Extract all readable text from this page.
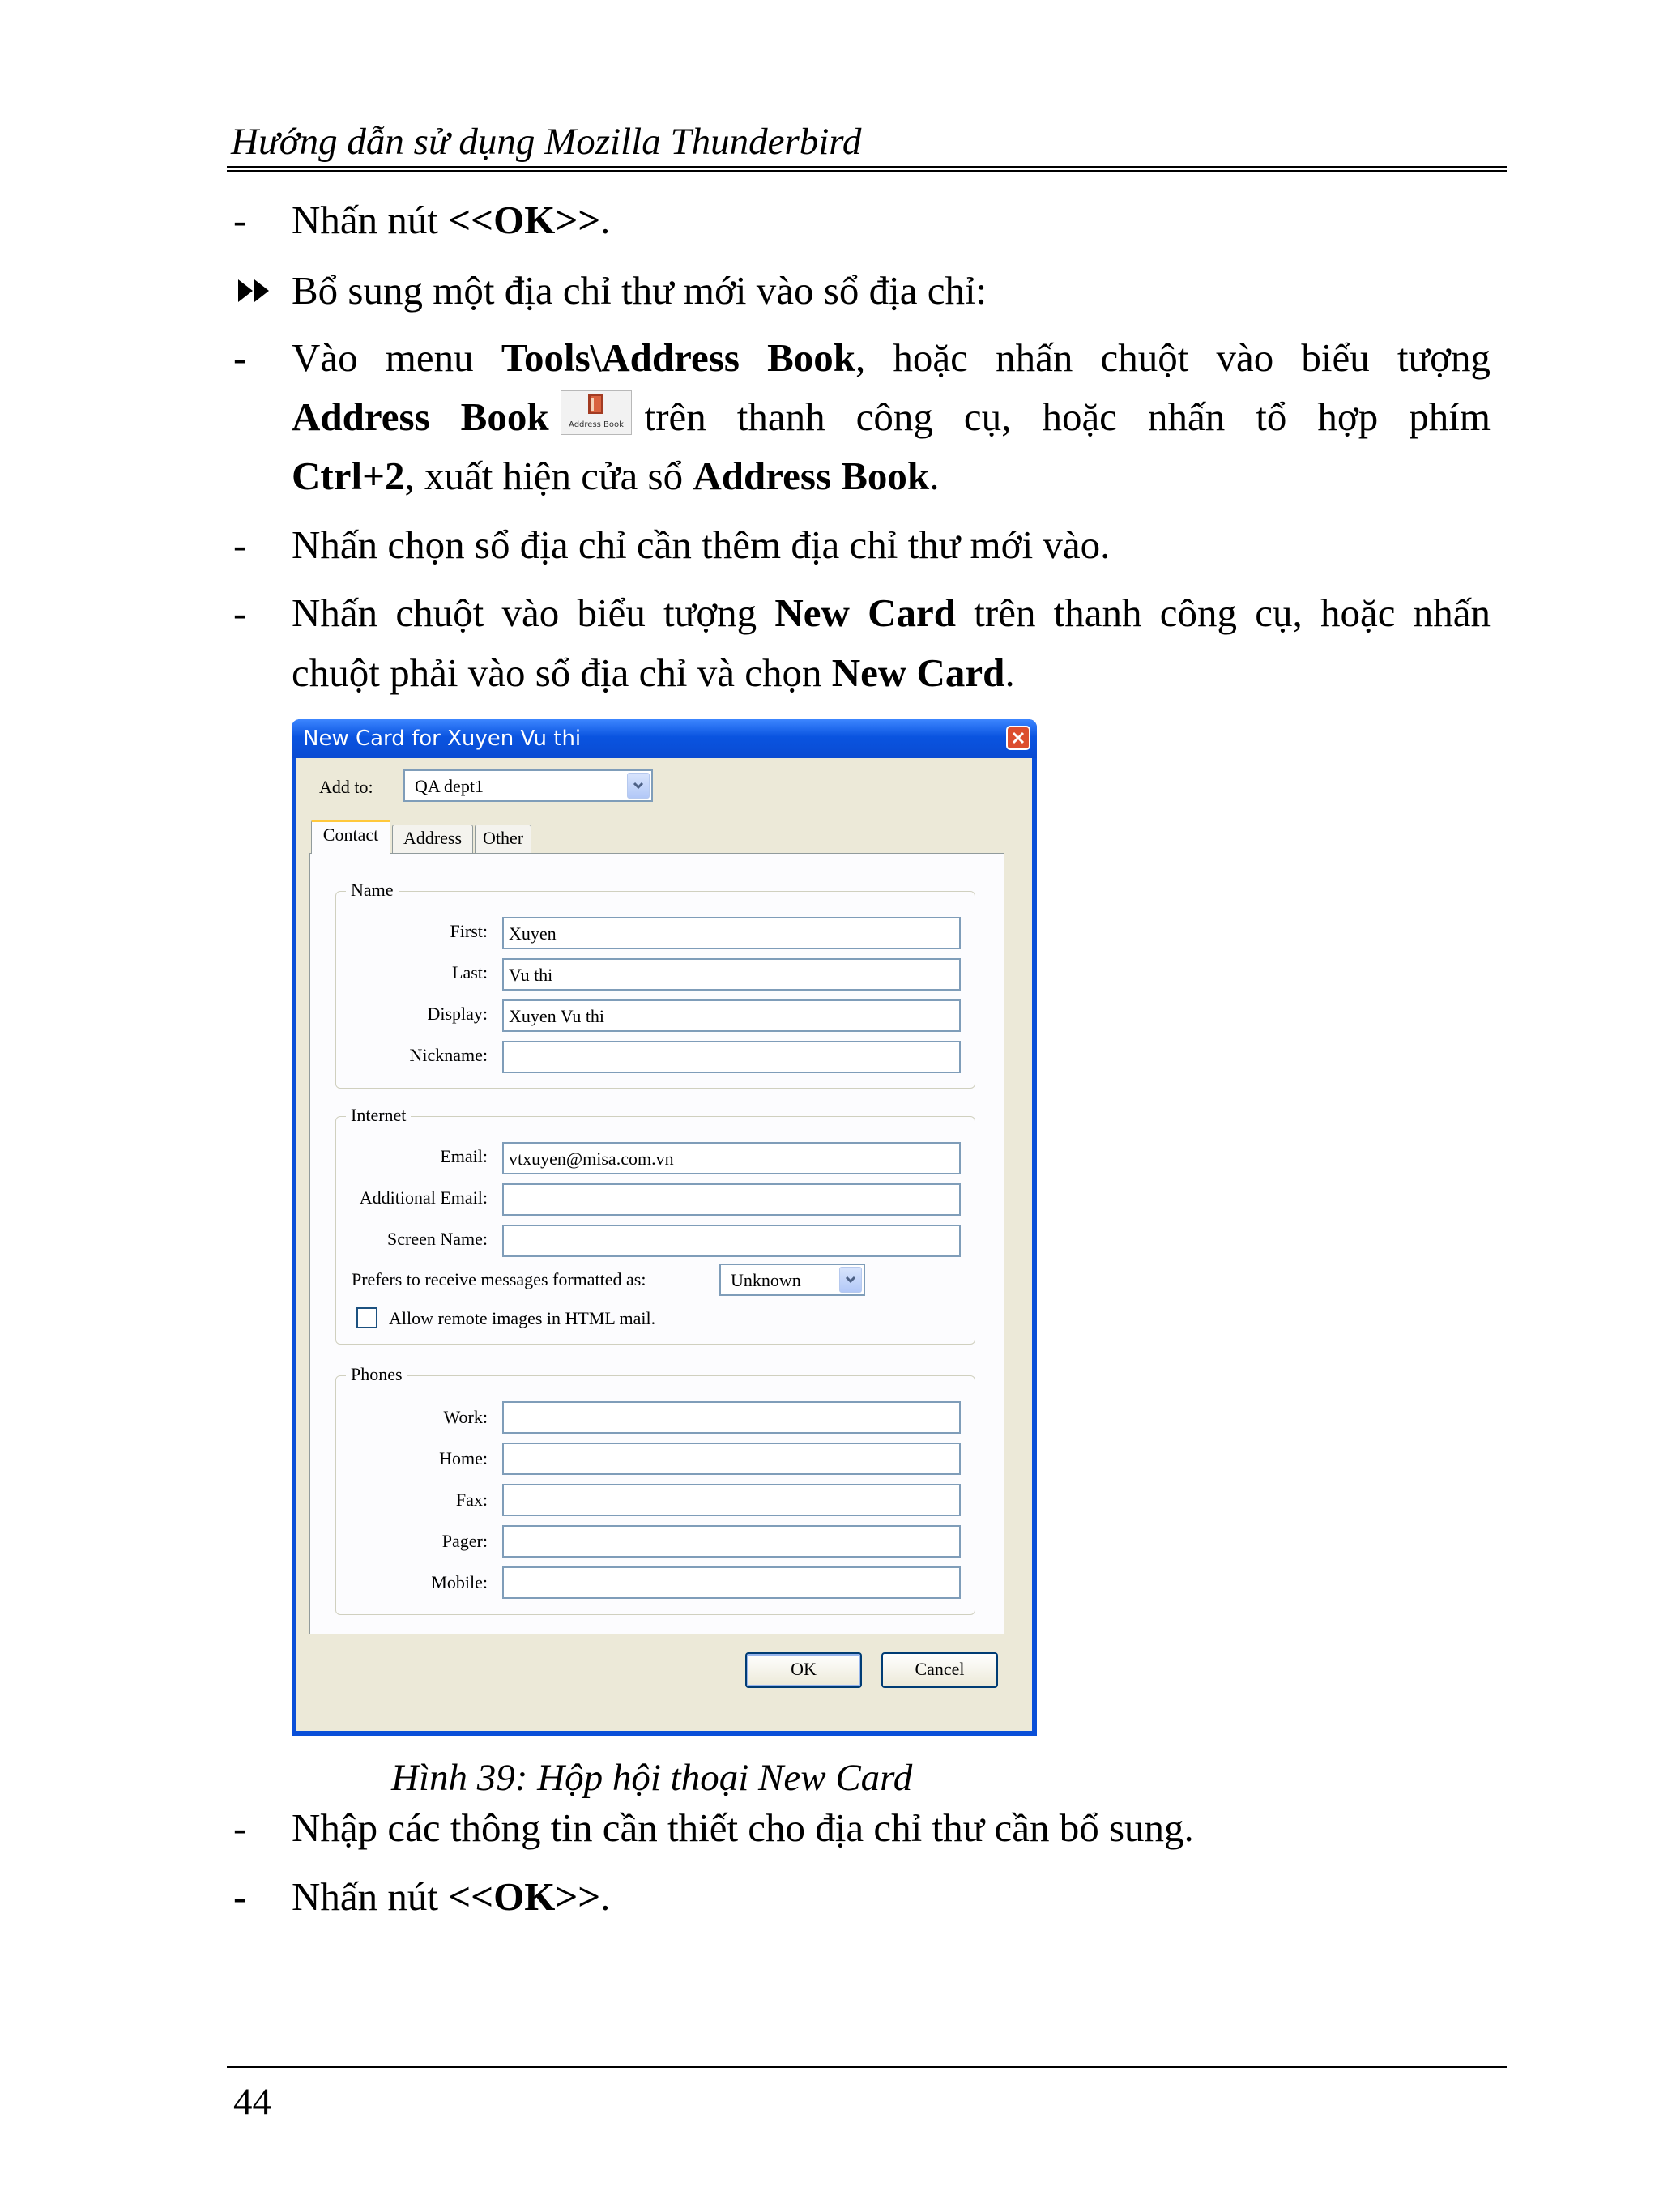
Hướng dẫn sử dụng Mozilla Thunderbird
- Nhấn nút <<OK>>.
Bổ sung một địa chỉ thư mới vào sổ địa chỉ:
- Vào menu Tools\Address Book, hoặc nhấn chuột vào biểu tượng
Address Book Address Book trên thanh công cụ, hoặc nhấn tổ hợp phím
Ctrl+2, xuất hiện cửa sổ Address Book.
- Nhấn chọn sổ địa chỉ cần thêm địa chỉ thư mới vào.
- Nhấn chuột vào biểu tượng New Card trên thanh công cụ, hoặc nhấn
chuột phải vào sổ địa chỉ và chọn New Card.
New Card for Xuyen Vu thi
Add to: QA dept1
Contact	Address	Other
Name
First: Xuyen
Last: Vu thi
Display: Xuyen Vu thi
Nickname:
Internet
Email: vtxuyen@misa.com.vn
Additional Email:
Screen Name:
Prefers to receive messages formatted as:	Unknown
Allow remote images in HTML mail.
Phones
Work:
Home:
Fax:
Pager:
Mobile:
OK	Cancel
Hình 39: Hộp hội thoại New Card
- Nhập các thông tin cần thiết cho địa chỉ thư cần bổ sung.
- Nhấn nút <<OK>>.
44
